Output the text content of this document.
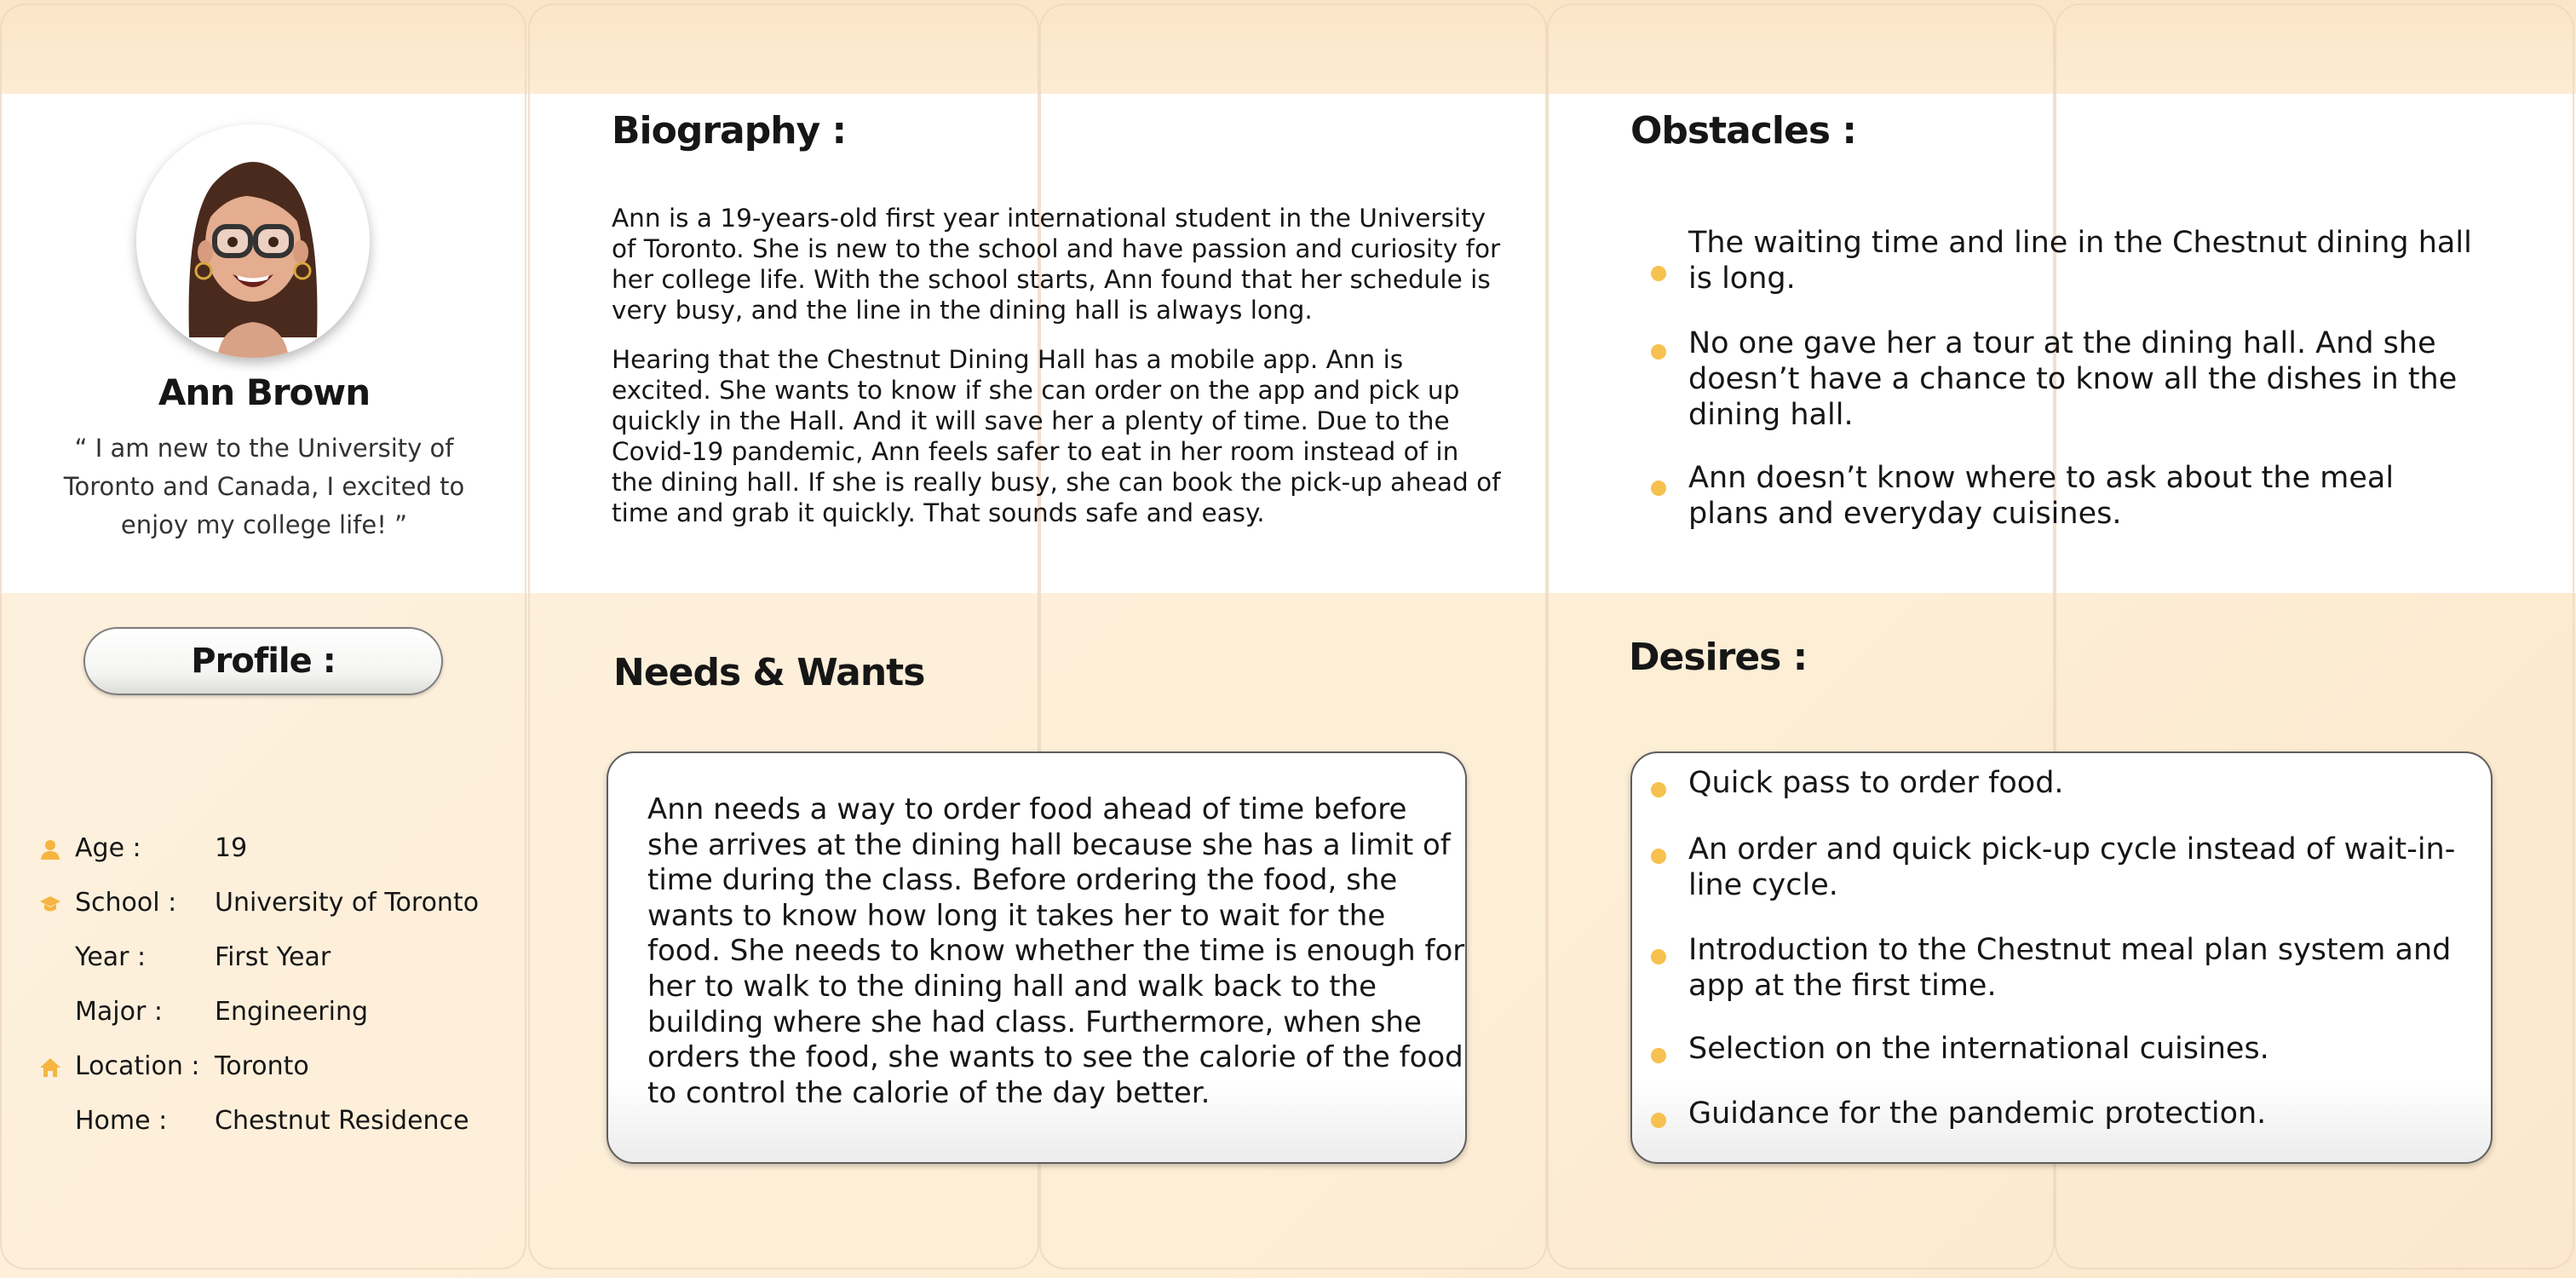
Ann Brown
“ I am new to the University of Toronto and Canada, I excited to enjoy my college life! ”
Profile :
Age :	19
School : University of Toronto
Year :	First Year
Major : Engineering
Location : Toronto
Home : Chestnut Residence
Biography :

Ann is a 19-years-old first year international student in the University of Toronto. She is new to the school and have passion and curiosity for her college life. With the school starts, Ann found that her schedule is very busy, and the line in the dining hall is always long.

Hearing that the Chestnut Dining Hall has a mobile app. Ann is excited. She wants to know if she can order on the app and pick up quickly in the Hall. And it will save her a plenty of time. Due to the Covid-19 pandemic, Ann feels safer to eat in her room instead of in the dining hall. If she is really busy, she can book the pick-up ahead of time and grab it quickly. That sounds safe and easy.

Obstacles :
The waiting time and line in the Chestnut dining hall is long.
No one gave her a tour at the dining hall. And she doesn’t have a chance to know all the dishes in the dining hall.
Ann doesn’t know where to ask about the meal plans and everyday cuisines.
Needs & Wants
Ann needs a way to order food ahead of time before she arrives at the dining hall because she has a limit of time during the class. Before ordering the food, she wants to know how long it takes her to wait for the food. She needs to know whether the time is enough for her to walk to the dining hall and walk back to the building where she had class. Furthermore, when she orders the food, she wants to see the calorie of the food to control the calorie of the day better.
Desires :
Quick pass to order food.
An order and quick pick-up cycle instead of wait-in-line cycle.
Introduction to the Chestnut meal plan system and app at the first time.
Selection on the international cuisines.
Guidance for the pandemic protection.
